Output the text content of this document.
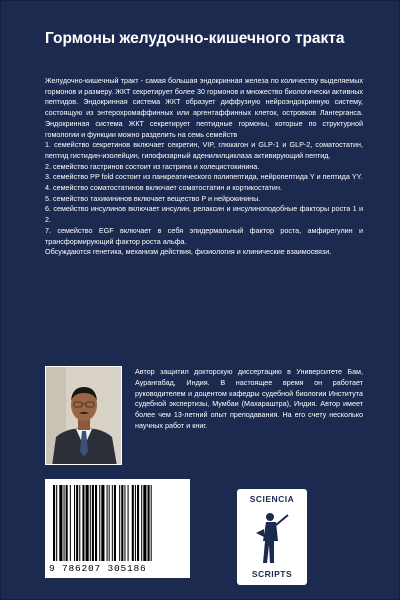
Гормоны желудочно-кишечного тракта

Желудочно-кишечный тракт - самая большая эндокринная железа по количеству выделяемых гормонов и размеру. ЖКТ секретирует более 30 гормонов и множество биологически активных пептидов. Эндокринная система ЖКТ образует диффузную нейроэндокринную систему, состоящую из энтерохромаффинных или аргентаффинных клеток, островков Лангерганса. Эндокринная система ЖКТ секретирует пептидные гормоны, которые по структурной гомологии и функции можно разделить на семь семейств

1. семейство секретинов включает секретин, VIP, глюкагон и GLP-1 и GLP-2, соматостатин, пептид гистидин-изолейцин, гипофизарный аденилилциклаза активирующий пептид.

2. семейство гастринов состоит из гастрина и холецистокинина.

3. семейство PP fold состоит из панкреатического полипептида, нейропептида Y и пептида YY.

4. семейство соматостатинов включает соматостатин и кортикостатин.

5. семейство тахикининов включает вещество P и нейрокинины.

6. семейство инсулинов включает инсулин, релаксин и инсулиноподобные факторы роста 1 и 2.

7. семейство EGF включает в себя эпидермальный фактор роста, амфирегулин и трансформирующий фактор роста альфа.

Обсуждаются генетика, механизм действия, физиология и клинические взаимосвязи.

Автор защитил докторскую диссертацию в Университете Бам, Аурангабад, Индия. В настоящее время он работает руководителем и доцентом кафедры судебной биологии Института судебной экспертизы, Мумбаи (Махараштра), Индия. Автор имеет более чем 13-летний опыт преподавания. На его счету несколько научных работ и книг.
9 786207 305186
SCIENCIA
SCRIPTS
